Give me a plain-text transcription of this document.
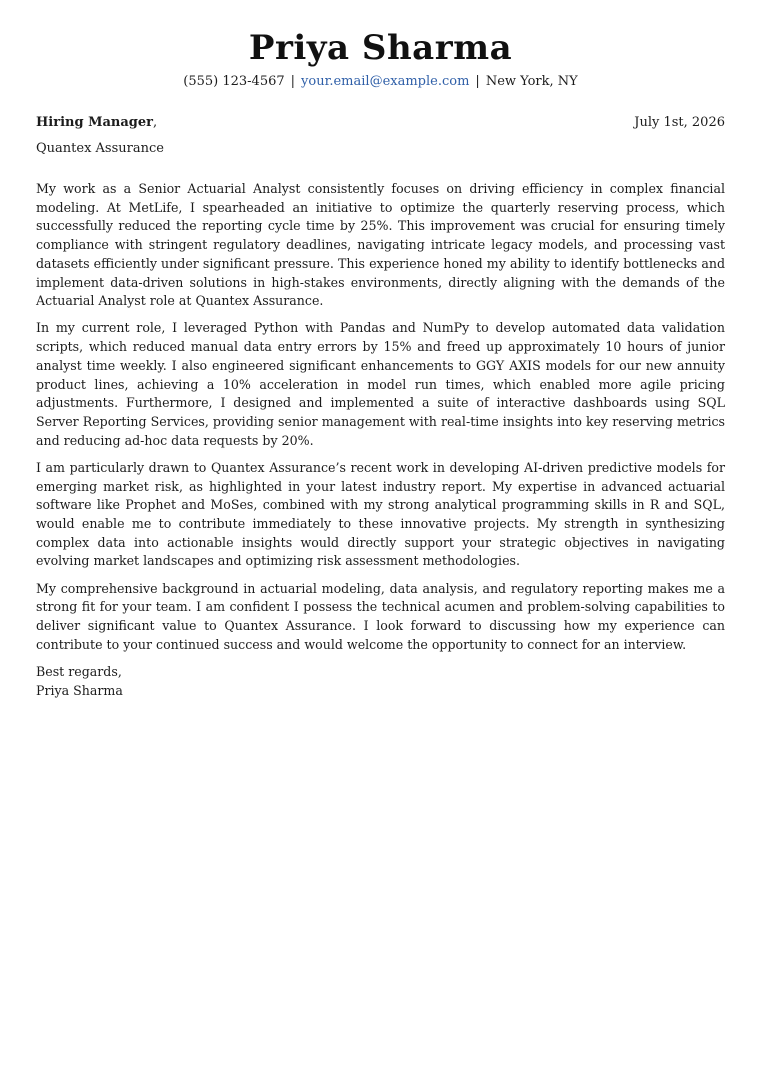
Priya Sharma
(555) 123-4567 | your.email@example.com | New York, NY
Hiring Manager,	July 1st, 2026
Quantex Assurance

My work as a Senior Actuarial Analyst consistently focuses on driving efficiency in complex financial modeling. At MetLife, I spearheaded an initiative to optimize the quarterly reserving process, which successfully reduced the reporting cycle time by 25%. This improvement was crucial for ensuring timely compliance with stringent regulatory deadlines, navigating intricate legacy models, and processing vast datasets efficiently under significant pressure. This experience honed my ability to identify bottlenecks and implement data-driven solutions in high-stakes environments, directly aligning with the demands of the Actuarial Analyst role at Quantex Assurance.

In my current role, I leveraged Python with Pandas and NumPy to develop automated data validation scripts, which reduced manual data entry errors by 15% and freed up approximately 10 hours of junior analyst time weekly. I also engineered significant enhancements to GGY AXIS models for our new annuity product lines, achieving a 10% acceleration in model run times, which enabled more agile pricing adjustments. Furthermore, I designed and implemented a suite of interactive dashboards using SQL Server Reporting Services, providing senior management with real-time insights into key reserving metrics and reducing ad-hoc data requests by 20%.

I am particularly drawn to Quantex Assurance’s recent work in developing AI-driven predictive models for emerging market risk, as highlighted in your latest industry report. My expertise in advanced actuarial software like Prophet and MoSes, combined with my strong analytical programming skills in R and SQL, would enable me to contribute immediately to these innovative projects. My strength in synthesizing complex data into actionable insights would directly support your strategic objectives in navigating evolving market landscapes and optimizing risk assessment methodologies.

My comprehensive background in actuarial modeling, data analysis, and regulatory reporting makes me a strong fit for your team. I am confident I possess the technical acumen and problem-solving capabilities to deliver significant value to Quantex Assurance. I look forward to discussing how my experience can contribute to your continued success and would welcome the opportunity to connect for an interview.

Best regards,
Priya Sharma
